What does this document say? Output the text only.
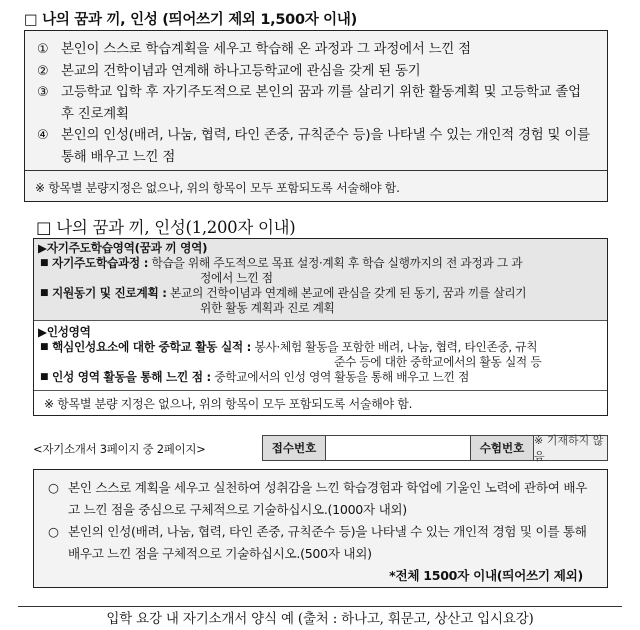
□ 나의 꿈과 끼, 인성 (띄어쓰기 제외 1,500자 이내)
① 본인이 스스로 학습계획을 세우고 학습해 온 과정과 그 과정에서 느낀 점
② 본교의 건학이념과 연계해 하나고등학교에 관심을 갖게 된 동기
③ 고등학교 입학 후 자기주도적으로 본인의 꿈과 끼를 살리기 위한 활동계획 및 고등학교 졸업 후 진로계획
④ 본인의 인성(배려, 나눔, 협력, 타인 존중, 규칙준수 등)을 나타낼 수 있는 개인적 경험 및 이를 통해 배우고 느낀 점
※ 항목별 분량지정은 없으나, 위의 항목이 모두 포함되도록 서술해야 함.
□ 나의 꿈과 끼, 인성(1,200자 이내)
▶자기주도학습영역(꿈과 끼 영역)
■ 자기주도학습과정 : 학습을 위해 주도적으로 목표 설정·계획 후 학습 실행까지의 전 과정과 그 과
정에서 느낀 점
■ 지원동기 및 진로계획 : 본교의 건학이념과 연계해 본교에 관심을 갖게 된 동기, 꿈과 끼를 살리기
위한 활동 계획과 진로 계획
▶인성영역
■ 핵심인성요소에 대한 중학교 활동 실적 : 봉사·체험 활동을 포함한 배려, 나눔, 협력, 타인존중, 규칙
준수 등에 대한 중학교에서의 활동 실적 등
■ 인성 영역 활동을 통해 느낀 점 : 중학교에서의 인성 영역 활동을 통해 배우고 느낀 점
※ 항목별 분량 지정은 없으나, 위의 항목이 모두 포함되도록 서술해야 함.
<자기소개서 3페이지 중 2페이지>	접수번호	수험번호
※ 기재하지 않음
○ 본인 스스로 계획을 세우고 실천하여 성취감을 느낀 학습경험과 학업에 기울인 노력에 관하여 배우고 느낀 점을 중심으로 구체적으로 기술하십시오.(1000자 내외)
○ 본인의 인성(배려, 나눔, 협력, 타인 존중, 규칙준수 등)을 나타낼 수 있는 개인적 경험 및 이를 통해 배우고 느낀 점을 구체적으로 기술하십시오.(500자 내외)
*전체 1500자 이내(띄어쓰기 제외)
입학 요강 내 자기소개서 양식 예 (출처 : 하나고, 휘문고, 상산고 입시요강)
